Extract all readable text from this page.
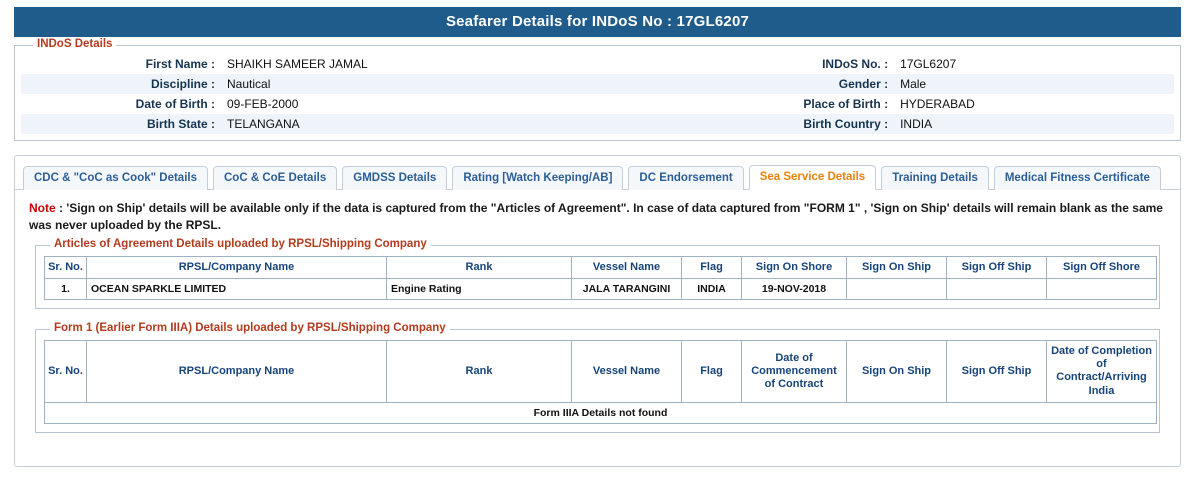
Seafarer Details for INDoS No : 17GL6207
INDoS Details
First Name :	SHAIKH SAMEER JAMAL	INDoS No. :	17GL6207
Discipline :	Nautical	Gender :	Male
Date of Birth :	09-FEB-2000	Place of Birth :	HYDERABAD
Birth State :	TELANGANA	Birth Country :	INDIA
CDC & "CoC as Cook" Details	CoC & CoE Details	GMDSS Details	Rating [Watch Keeping/AB]	DC Endorsement	Sea Service Details	Training Details	Medical Fitness Certificate
Note : 'Sign on Ship' details will be available only if the data is captured from the "Articles of Agreement". In case of data captured from "FORM 1" , 'Sign on Ship' details will remain blank as the same was never uploaded by the RPSL.
Articles of Agreement Details uploaded by RPSL/Shipping Company
Sr. No.	RPSL/Company Name	Rank	Vessel Name	Flag	Sign On Shore	Sign On Ship	Sign Off Ship	Sign Off Shore
1.	OCEAN SPARKLE LIMITED	Engine Rating	JALA TARANGINI	INDIA	19-NOV-2018			
Form 1 (Earlier Form IIIA) Details uploaded by RPSL/Shipping Company
Sr. No.	RPSL/Company Name	Rank	Vessel Name	Flag	Date of Commencement of Contract	Sign On Ship	Sign Off Ship	Date of Completion of Contract/Arriving India
Form IIIA Details not found
